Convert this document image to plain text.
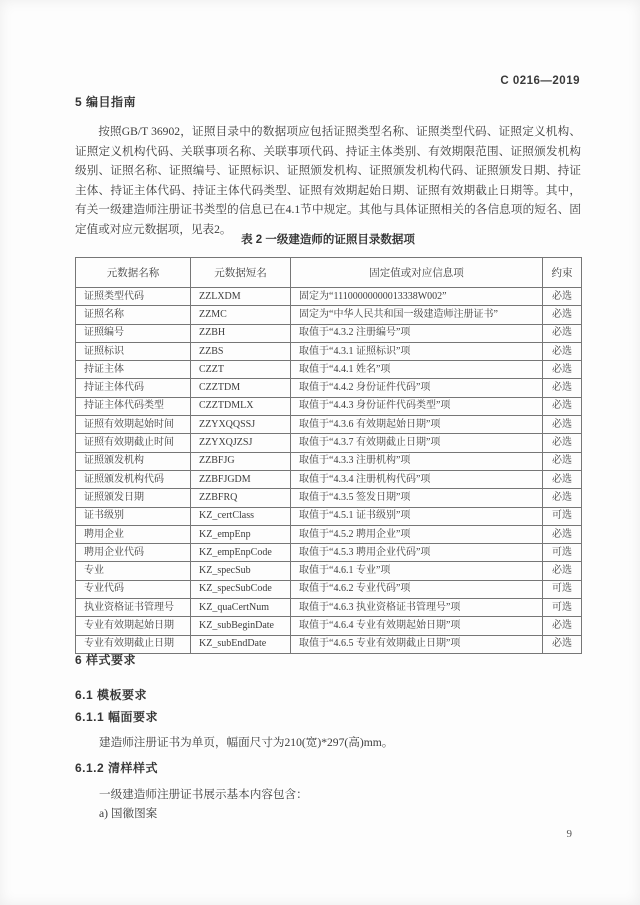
C 0216—2019
5 编目指南
按照GB/T 36902，证照目录中的数据项应包括证照类型名称、证照类型代码、证照定义机构、证照定义机构代码、关联事项名称、关联事项代码、持证主体类别、有效期限范围、证照颁发机构级别、证照名称、证照编号、证照标识、证照颁发机构、证照颁发机构代码、证照颁发日期、持证主体、持证主体代码、持证主体代码类型、证照有效期起始日期、证照有效期截止日期等。其中，有关一级建造师注册证书类型的信息已在4.1节中规定。其他与具体证照相关的各信息项的短名、固定值或对应元数据项，见表2。
表 2 一级建造师的证照目录数据项
元数据名称	元数据短名	固定值或对应信息项	约束
证照类型代码	ZZLXDM	固定为“11100000000013338W002”	必选
证照名称	ZZMC	固定为“中华人民共和国一级建造师注册证书”	必选
证照编号	ZZBH	取值于“4.3.2 注册编号”项	必选
证照标识	ZZBS	取值于“4.3.1 证照标识”项	必选
持证主体	CZZT	取值于“4.4.1 姓名”项	必选
持证主体代码	CZZTDM	取值于“4.4.2 身份证件代码”项	必选
持证主体代码类型	CZZTDMLX	取值于“4.4.3 身份证件代码类型”项	必选
证照有效期起始时间	ZZYXQQSSJ	取值于“4.3.6 有效期起始日期”项	必选
证照有效期截止时间	ZZYXQJZSJ	取值于“4.3.7 有效期截止日期”项	必选
证照颁发机构	ZZBFJG	取值于“4.3.3 注册机构”项	必选
证照颁发机构代码	ZZBFJGDM	取值于“4.3.4 注册机构代码”项	必选
证照颁发日期	ZZBFRQ	取值于“4.3.5 签发日期”项	必选
证书级别	KZ_certClass	取值于“4.5.1 证书级别”项	可选
聘用企业	KZ_empEnp	取值于“4.5.2 聘用企业”项	必选
聘用企业代码	KZ_empEnpCode	取值于“4.5.3 聘用企业代码”项	可选
专业	KZ_specSub	取值于“4.6.1 专业”项	必选
专业代码	KZ_specSubCode	取值于“4.6.2 专业代码”项	可选
执业资格证书管理号	KZ_quaCertNum	取值于“4.6.3 执业资格证书管理号”项	可选
专业有效期起始日期	KZ_subBeginDate	取值于“4.6.4 专业有效期起始日期”项	必选
专业有效期截止日期	KZ_subEndDate	取值于“4.6.5 专业有效期截止日期”项	必选
6 样式要求
6.1 模板要求
6.1.1 幅面要求
建造师注册证书为单页，幅面尺寸为210(宽)*297(高)mm。
6.1.2 清样样式
一级建造师注册证书展示基本内容包含：
a) 国徽图案
9
